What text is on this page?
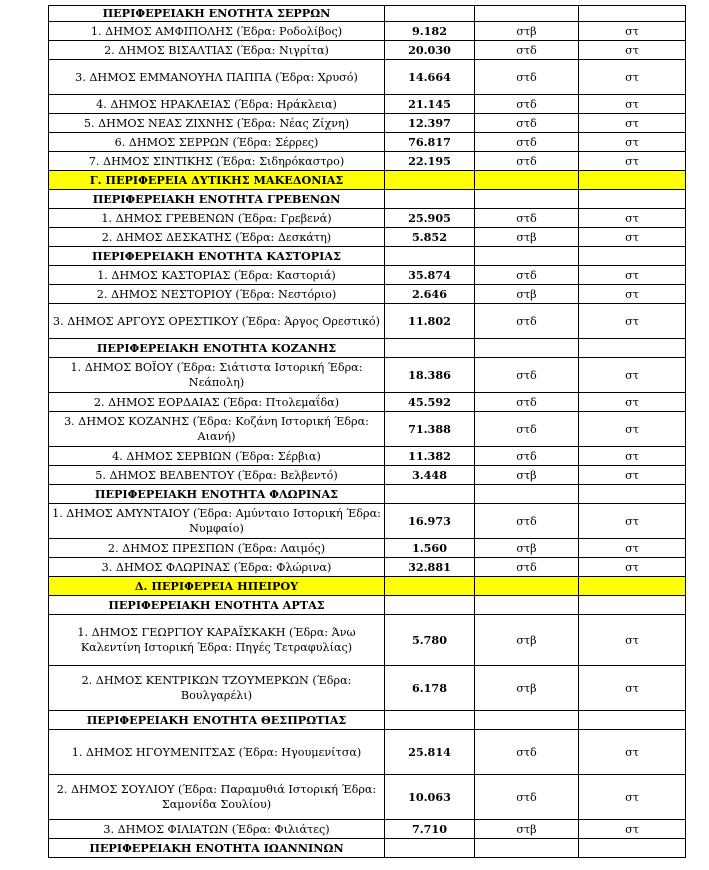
ΠΕΡΙΦΕΡΕΙΑΚΗ ΕΝΟΤΗΤΑ ΣΕΡΡΩΝ			
1. ΔΗΜΟΣ ΑΜΦΙΠΟΛΗΣ (Έδρα: Ροδολίβος)	9.182	στβ	στ
2. ΔΗΜΟΣ ΒΙΣΑΛΤΙΑΣ (Έδρα: Νιγρίτα)	20.030	στδ	στ
3. ΔΗΜΟΣ ΕΜΜΑΝΟΥΗΛ ΠΑΠΠΑ (Έδρα: Χρυσό)	14.664	στδ	στ
4. ΔΗΜΟΣ ΗΡΑΚΛΕΙΑΣ (Έδρα: Ηράκλεια)	21.145	στδ	στ
5. ΔΗΜΟΣ ΝΕΑΣ ΖΙΧΝΗΣ (Έδρα: Νέας Ζίχνη)	12.397	στδ	στ
6. ΔΗΜΟΣ ΣΕΡΡΩΝ (Έδρα: Σέρρες)	76.817	στδ	στ
7. ΔΗΜΟΣ ΣΙΝΤΙΚΗΣ (Έδρα: Σιδηρόκαστρο)	22.195	στδ	στ
Γ. ΠΕΡΙΦΕΡΕΙΑ ΔΥΤΙΚΗΣ ΜΑΚΕΔΟΝΙΑΣ			
ΠΕΡΙΦΕΡΕΙΑΚΗ ΕΝΟΤΗΤΑ ΓΡΕΒΕΝΩΝ			
1. ΔΗΜΟΣ ΓΡΕΒΕΝΩΝ (Έδρα: Γρεβενά)	25.905	στδ	στ
2. ΔΗΜΟΣ ΔΕΣΚΑΤΗΣ (Έδρα: Δεσκάτη)	5.852	στβ	στ
ΠΕΡΙΦΕΡΕΙΑΚΗ ΕΝΟΤΗΤΑ ΚΑΣΤΟΡΙΑΣ			
1. ΔΗΜΟΣ ΚΑΣΤΟΡΙΑΣ (Έδρα: Καστοριά)	35.874	στδ	στ
2. ΔΗΜΟΣ ΝΕΣΤΟΡΙΟΥ (Έδρα: Νεστόριο)	2.646	στβ	στ
3. ΔΗΜΟΣ ΑΡΓΟΥΣ ΟΡΕΣΤΙΚΟΥ (Έδρα: Άργος Ορεστικό)	11.802	στδ	στ
ΠΕΡΙΦΕΡΕΙΑΚΗ ΕΝΟΤΗΤΑ ΚΟΖΑΝΗΣ			
1. ΔΗΜΟΣ ΒΟΪΟΥ (Έδρα: Σιάτιστα Ιστορική Έδρα: Νεάπολη)	18.386	στδ	στ
2. ΔΗΜΟΣ ΕΟΡΔΑΙΑΣ (Έδρα: Πτολεμαΐδα)	45.592	στδ	στ
3. ΔΗΜΟΣ ΚΟΖΑΝΗΣ (Έδρα: Κοζάνη Ιστορική Έδρα: Αιανή)	71.388	στδ	στ
4. ΔΗΜΟΣ ΣΕΡΒΙΩΝ (Έδρα: Σέρβια)	11.382	στδ	στ
5. ΔΗΜΟΣ ΒΕΛΒΕΝΤΟΥ (Έδρα: Βελβεντό)	3.448	στβ	στ
ΠΕΡΙΦΕΡΕΙΑΚΗ ΕΝΟΤΗΤΑ ΦΛΩΡΙΝΑΣ			
1. ΔΗΜΟΣ ΑΜΥΝΤΑΙΟΥ (Έδρα: Αμύνταιο Ιστορική Έδρα: Νυμφαίο)	16.973	στδ	στ
2. ΔΗΜΟΣ ΠΡΕΣΠΩΝ (Έδρα: Λαιμός)	1.560	στβ	στ
3. ΔΗΜΟΣ ΦΛΩΡΙΝΑΣ (Έδρα: Φλώρινα)	32.881	στδ	στ
Δ. ΠΕΡΙΦΕΡΕΙΑ ΗΠΕΙΡΟΥ			
ΠΕΡΙΦΕΡΕΙΑΚΗ ΕΝΟΤΗΤΑ ΑΡΤΑΣ			
1. ΔΗΜΟΣ ΓΕΩΡΓΙΟΥ ΚΑΡΑΪΣΚΑΚΗ (Έδρα: Άνω Καλεντίνη Ιστορική Έδρα: Πηγές Τετραφυλίας)	5.780	στβ	στ
2. ΔΗΜΟΣ ΚΕΝΤΡΙΚΩΝ ΤΖΟΥΜΕΡΚΩΝ (Έδρα: Βουλγαρέλι)	6.178	στβ	στ
ΠΕΡΙΦΕΡΕΙΑΚΗ ΕΝΟΤΗΤΑ ΘΕΣΠΡΩΤΙΑΣ			
1. ΔΗΜΟΣ ΗΓΟΥΜΕΝΙΤΣΑΣ (Έδρα: Ηγουμενίτσα)	25.814	στδ	στ
2. ΔΗΜΟΣ ΣΟΥΛΙΟΥ (Έδρα: Παραμυθιά Ιστορική Έδρα: Σαμονίδα Σουλίου)	10.063	στδ	στ
3. ΔΗΜΟΣ ΦΙΛΙΑΤΩΝ (Έδρα: Φιλιάτες)	7.710	στβ	στ
ΠΕΡΙΦΕΡΕΙΑΚΗ ΕΝΟΤΗΤΑ ΙΩΑΝΝΙΝΩΝ			
